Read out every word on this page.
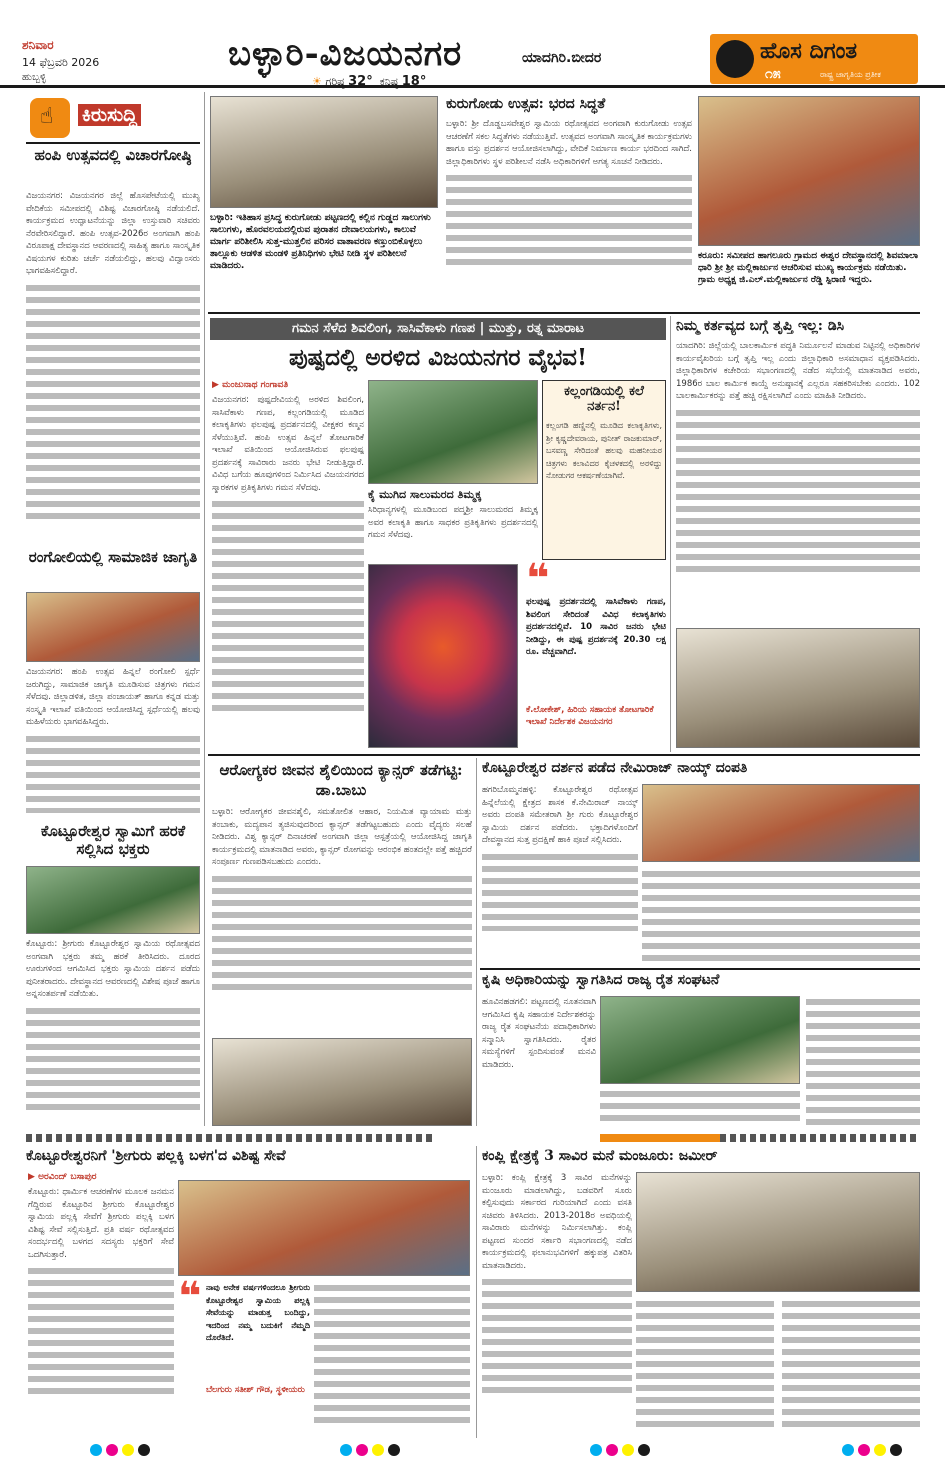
ಶನಿವಾರ
14 ಫೆಬ್ರವರಿ 2026
ಹುಬ್ಬಳ್ಳಿ
ಬಳ್ಳಾರಿ-ವಿಜಯನಗರ	ಯಾದಗಿರಿ.ಬೀದರ
☀ ಗರಿಷ್ಠ 32° ಕನಿಷ್ಠ 18°
ಹೊಸ ದಿಗಂತ
೧೫	ರಾಷ್ಟ್ರ ಜಾಗೃತಿಯ ಪ್ರತೀಕ
☝ ಕಿರುಸುದ್ದಿ
ಹಂಪಿ ಉತ್ಸವದಲ್ಲಿ ವಿಚಾರಗೋಷ್ಠಿ
ವಿಜಯನಗರ: ವಿಜಯನಗರ ಜಿಲ್ಲೆ ಹೊಸಪೇಟೆಯಲ್ಲಿ ಮುಖ್ಯ ವೇದಿಕೆಯ ಸಮೀಪದಲ್ಲಿ ವಿಶಿಷ್ಟ ವಿಚಾರಗೋಷ್ಠಿ ನಡೆಯಲಿದೆ. ಕಾರ್ಯಕ್ರಮದ ಉದ್ಘಾಟನೆಯನ್ನು ಜಿಲ್ಲಾ ಉಸ್ತುವಾರಿ ಸಚಿವರು ನೆರವೇರಿಸಲಿದ್ದಾರೆ. ಹಂಪಿ ಉತ್ಸವ-2026ರ ಅಂಗವಾಗಿ ಹಂಪಿ ವಿರೂಪಾಕ್ಷ ದೇವಸ್ಥಾನದ ಆವರಣದಲ್ಲಿ ಸಾಹಿತ್ಯ ಹಾಗೂ ಸಾಂಸ್ಕೃತಿಕ ವಿಷಯಗಳ ಕುರಿತು ಚರ್ಚೆ ನಡೆಯಲಿದ್ದು, ಹಲವು ವಿದ್ವಾಂಸರು ಭಾಗವಹಿಸಲಿದ್ದಾರೆ.
ರಂಗೋಲಿಯಲ್ಲಿ ಸಾಮಾಜಿಕ ಜಾಗೃತಿ
ವಿಜಯನಗರ: ಹಂಪಿ ಉತ್ಸವ ಹಿನ್ನಲೆ ರಂಗೋಲಿ ಸ್ಪರ್ಧೆ ಜರುಗಿದ್ದು, ಸಾಮಾಜಿಕ ಜಾಗೃತಿ ಮೂಡಿಸುವ ಚಿತ್ರಗಳು ಗಮನ ಸೆಳೆದವು. ಜಿಲ್ಲಾಡಳಿತ, ಜಿಲ್ಲಾ ಪಂಚಾಯತ್ ಹಾಗೂ ಕನ್ನಡ ಮತ್ತು ಸಂಸ್ಕೃತಿ ಇಲಾಖೆ ವತಿಯಿಂದ ಆಯೋಜಿಸಿದ್ದ ಸ್ಪರ್ಧೆಯಲ್ಲಿ ಹಲವು ಮಹಿಳೆಯರು ಭಾಗವಹಿಸಿದ್ದರು.
ಕೊಟ್ಟೂರೇಶ್ವರ ಸ್ವಾಮಿಗೆ ಹರಕೆ ಸಲ್ಲಿಸಿದ ಭಕ್ತರು
ಕೊಟ್ಟೂರು: ಶ್ರೀಗುರು ಕೊಟ್ಟೂರೇಶ್ವರ ಸ್ವಾಮಿಯ ರಥೋತ್ಸವದ ಅಂಗವಾಗಿ ಭಕ್ತರು ತಮ್ಮ ಹರಕೆ ತೀರಿಸಿದರು. ದೂರದ ಊರುಗಳಿಂದ ಆಗಮಿಸಿದ ಭಕ್ತರು ಸ್ವಾಮಿಯ ದರ್ಶನ ಪಡೆದು ಪುನೀತರಾದರು. ದೇವಸ್ಥಾನದ ಆವರಣದಲ್ಲಿ ವಿಶೇಷ ಪೂಜೆ ಹಾಗೂ ಅನ್ನಸಂತರ್ಪಣೆ ನಡೆಯಿತು.
ಬಳ್ಳಾರಿ: ಇತಿಹಾಸ ಪ್ರಸಿದ್ಧ ಕುರುಗೋಡು ಪಟ್ಟಣದಲ್ಲಿ ಕಲ್ಲಿನ ಗುಡ್ಡದ ಸಾಲುಗಳು ಸಾಲುಗಳು, ಹೊರವಲಯದಲ್ಲಿರುವ ಪುರಾತನ ದೇವಾಲಯಗಳು, ಕಾಲುವೆ ಮಾರ್ಗ ಪರಿಶೀಲಿಸಿ ಸುತ್ತ-ಮುತ್ತಲಿನ ಪರಿಸರ ವಾತಾವರಣ ಕಣ್ತುಂಬಿಕೊಳ್ಳಲು ತಾಲ್ಲೂಕು ಆಡಳಿತ ಮಂಡಳಿ ಪ್ರತಿನಿಧಿಗಳು ಭೇಟಿ ನೀಡಿ ಸ್ಥಳ ಪರಿಶೀಲನೆ ಮಾಡಿದರು.
ಕುರುಗೋಡು ಉತ್ಸವ: ಭರದ ಸಿದ್ಧತೆ
ಬಳ್ಳಾರಿ: ಶ್ರೀ ದೊಡ್ಡಬಸವೇಶ್ವರ ಸ್ವಾಮಿಯ ರಥೋತ್ಸವದ ಅಂಗವಾಗಿ ಕುರುಗೋಡು ಉತ್ಸವ ಆಚರಣೆಗೆ ಸಕಲ ಸಿದ್ಧತೆಗಳು ನಡೆಯುತ್ತಿವೆ. ಉತ್ಸವದ ಅಂಗವಾಗಿ ಸಾಂಸ್ಕೃತಿಕ ಕಾರ್ಯಕ್ರಮಗಳು ಹಾಗೂ ವಸ್ತು ಪ್ರದರ್ಶನ ಆಯೋಜಿಸಲಾಗಿದ್ದು, ವೇದಿಕೆ ನಿರ್ಮಾಣ ಕಾರ್ಯ ಭರದಿಂದ ಸಾಗಿದೆ. ಜಿಲ್ಲಾಧಿಕಾರಿಗಳು ಸ್ಥಳ ಪರಿಶೀಲನೆ ನಡೆಸಿ ಅಧಿಕಾರಿಗಳಿಗೆ ಅಗತ್ಯ ಸೂಚನೆ ನೀಡಿದರು.
ಕರೂರು: ಸಮೀಪದ ಹಾಗಲೂರು ಗ್ರಾಮದ ಈಶ್ವರ ದೇವಸ್ಥಾನದಲ್ಲಿ ಶಿವಮಾಲಾ ಧಾರಿ ಶ್ರೀ ಶ್ರೀ ಮಲ್ಲಿಕಾರ್ಜುನ ಆಚರಿಸುವ ಮುಖ್ಯ ಕಾರ್ಯಕ್ರಮ ನಡೆಯಿತು. ಗ್ರಾಮ ಅಧ್ಯಕ್ಷ ಜಿ.ಎಲ್.ಮಲ್ಲಿಕಾರ್ಜುನ ರೆಡ್ಡಿ ಸ್ಪಿರಾಣಿ ಇದ್ದರು.
ಗಮನ ಸೆಳೆದ ಶಿವಲಿಂಗ, ಸಾಸಿವೆಕಾಳು ಗಣಪ | ಮುತ್ತು, ರತ್ನ ಮಾರಾಟ
ಪುಷ್ಪದಲ್ಲಿ ಅರಳಿದ ವಿಜಯನಗರ ವೈಭವ!
▶ ಮಂಜುನಾಥ ಗಂಗಾವತಿ
ವಿಜಯನಗರ: ಪುಷ್ಪದೇವಿಯಲ್ಲಿ ಅರಳಿದ ಶಿವಲಿಂಗ, ಸಾಸಿವೆಕಾಳು ಗಣಪ, ಕಲ್ಲಂಗಡಿಯಲ್ಲಿ ಮೂಡಿದ ಕಲಾಕೃತಿಗಳು ಫಲಪುಷ್ಪ ಪ್ರದರ್ಶನದಲ್ಲಿ ವೀಕ್ಷಕರ ಕಣ್ಮನ ಸೆಳೆಯುತ್ತಿವೆ. ಹಂಪಿ ಉತ್ಸವ ಹಿನ್ನಲೆ ತೋಟಗಾರಿಕೆ ಇಲಾಖೆ ವತಿಯಿಂದ ಆಯೋಜಿಸಿರುವ ಫಲಪುಷ್ಪ ಪ್ರದರ್ಶನಕ್ಕೆ ಸಾವಿರಾರು ಜನರು ಭೇಟಿ ನೀಡುತ್ತಿದ್ದಾರೆ. ವಿವಿಧ ಬಗೆಯ ಹೂವುಗಳಿಂದ ನಿರ್ಮಿಸಿದ ವಿಜಯನಗರದ ಸ್ಮಾರಕಗಳ ಪ್ರತಿಕೃತಿಗಳು ಗಮನ ಸೆಳೆದವು.
ಕಲ್ಲಂಗಡಿಯಲ್ಲಿ ಕಲೆ ನರ್ತನ!
ಕಲ್ಲಂಗಡಿ ಹಣ್ಣಿನಲ್ಲಿ ಮೂಡಿದ ಕಲಾಕೃತಿಗಳು, ಶ್ರೀ ಕೃಷ್ಣದೇವರಾಯ, ಪುನೀತ್ ರಾಜಕುಮಾರ್, ಬಸವಣ್ಣ ಸೇರಿದಂತೆ ಹಲವು ಮಹನೀಯರ ಚಿತ್ರಗಳು ಕಲಾವಿದರ ಕೈಚಳಕದಲ್ಲಿ ಅರಳಿದ್ದು ನೋಡುಗರ ಆಕರ್ಷಣೆಯಾಗಿವೆ.
ಕೈ ಮುಗಿದ ಸಾಲುಮರದ ತಿಮ್ಮಕ್ಕ
ಸಿರಿಧಾನ್ಯಗಳಲ್ಲಿ ಮೂಡಿಬಂದ ಪದ್ಮಶ್ರೀ ಸಾಲುಮರದ ತಿಮ್ಮಕ್ಕ ಅವರ ಕಲಾಕೃತಿ ಹಾಗೂ ಸಾಧಕರ ಪ್ರತಿಕೃತಿಗಳು ಪ್ರದರ್ಶನದಲ್ಲಿ ಗಮನ ಸೆಳೆದವು.
❝
ಫಲಪುಷ್ಪ ಪ್ರದರ್ಶನದಲ್ಲಿ ಸಾಸಿವೆಕಾಳು ಗಣಪ, ಶಿವಲಿಂಗ ಸೇರಿದಂತೆ ವಿವಿಧ ಕಲಾಕೃತಿಗಳು ಪ್ರದರ್ಶನದಲ್ಲಿವೆ. 10 ಸಾವಿರ ಜನರು ಭೇಟಿ ನೀಡಿದ್ದು, ಈ ಪುಷ್ಪ ಪ್ರದರ್ಶನಕ್ಕೆ 20.30 ಲಕ್ಷ ರೂ. ವೆಚ್ಚವಾಗಿದೆ.
ಕೆ.ಲೋಕೇಶ್, ಹಿರಿಯ ಸಹಾಯಕ ತೋಟಗಾರಿಕೆ ಇಲಾಖೆ ನಿರ್ದೇಶಕ ವಿಜಯನಗರ
ನಿಮ್ಮ ಕರ್ತವ್ಯದ ಬಗ್ಗೆ ತೃಪ್ತಿ ಇಲ್ಲ: ಡಿಸಿ
ಯಾದಗಿರಿ: ಜಿಲ್ಲೆಯಲ್ಲಿ ಬಾಲಕಾರ್ಮಿಕ ಪದ್ಧತಿ ನಿರ್ಮೂಲನೆ ಮಾಡುವ ನಿಟ್ಟಿನಲ್ಲಿ ಅಧಿಕಾರಿಗಳ ಕಾರ್ಯವೈಖರಿಯ ಬಗ್ಗೆ ತೃಪ್ತಿ ಇಲ್ಲ ಎಂದು ಜಿಲ್ಲಾಧಿಕಾರಿ ಅಸಮಾಧಾನ ವ್ಯಕ್ತಪಡಿಸಿದರು. ಜಿಲ್ಲಾಧಿಕಾರಿಗಳ ಕಚೇರಿಯ ಸಭಾಂಗಣದಲ್ಲಿ ನಡೆದ ಸಭೆಯಲ್ಲಿ ಮಾತನಾಡಿದ ಅವರು, 1986ರ ಬಾಲ ಕಾರ್ಮಿಕ ಕಾಯ್ದೆ ಅನುಷ್ಠಾನಕ್ಕೆ ಎಲ್ಲರೂ ಸಹಕರಿಸಬೇಕು ಎಂದರು. 102 ಬಾಲಕಾರ್ಮಿಕರನ್ನು ಪತ್ತೆ ಹಚ್ಚಿ ರಕ್ಷಿಸಲಾಗಿದೆ ಎಂದು ಮಾಹಿತಿ ನೀಡಿದರು.
ಆರೋಗ್ಯಕರ ಜೀವನ ಶೈಲಿಯಿಂದ ಕ್ಯಾನ್ಸರ್ ತಡೆಗಟ್ಟಿ: ಡಾ.ಬಾಬು
ಬಳ್ಳಾರಿ: ಆರೋಗ್ಯಕರ ಜೀವನಶೈಲಿ, ಸಮತೋಲಿತ ಆಹಾರ, ನಿಯಮಿತ ವ್ಯಾಯಾಮ ಮತ್ತು ತಂಬಾಕು, ಮದ್ಯಪಾನ ತ್ಯಜಿಸುವುದರಿಂದ ಕ್ಯಾನ್ಸರ್ ತಡೆಗಟ್ಟಬಹುದು ಎಂದು ವೈದ್ಯರು ಸಲಹೆ ನೀಡಿದರು. ವಿಶ್ವ ಕ್ಯಾನ್ಸರ್ ದಿನಾಚರಣೆ ಅಂಗವಾಗಿ ಜಿಲ್ಲಾ ಆಸ್ಪತ್ರೆಯಲ್ಲಿ ಆಯೋಜಿಸಿದ್ದ ಜಾಗೃತಿ ಕಾರ್ಯಕ್ರಮದಲ್ಲಿ ಮಾತನಾಡಿದ ಅವರು, ಕ್ಯಾನ್ಸರ್ ರೋಗವನ್ನು ಆರಂಭಿಕ ಹಂತದಲ್ಲೇ ಪತ್ತೆ ಹಚ್ಚಿದರೆ ಸಂಪೂರ್ಣ ಗುಣಪಡಿಸಬಹುದು ಎಂದರು.
ಕೊಟ್ಟೂರೇಶ್ವರ ದರ್ಶನ ಪಡೆದ ನೇಮಿರಾಜ್ ನಾಯ್ಕ್ ದಂಪತಿ
ಹಗರಿಬೊಮ್ಮನಹಳ್ಳಿ: ಕೊಟ್ಟೂರೇಶ್ವರ ರಥೋತ್ಸವ ಹಿನ್ನೆಲೆಯಲ್ಲಿ ಕ್ಷೇತ್ರದ ಶಾಸಕ ಕೆ.ನೇಮಿರಾಜ್ ನಾಯ್ಕ್ ಅವರು ದಂಪತಿ ಸಮೇತರಾಗಿ ಶ್ರೀ ಗುರು ಕೊಟ್ಟೂರೇಶ್ವರ ಸ್ವಾಮಿಯ ದರ್ಶನ ಪಡೆದರು. ಭಕ್ತಾದಿಗಳೊಂದಿಗೆ ದೇವಸ್ಥಾನದ ಸುತ್ತ ಪ್ರದಕ್ಷಿಣೆ ಹಾಕಿ ಪೂಜೆ ಸಲ್ಲಿಸಿದರು.
ಕೃಷಿ ಅಧಿಕಾರಿಯನ್ನು ಸ್ವಾಗತಿಸಿದ ರಾಜ್ಯ ರೈತ ಸಂಘಟನೆ
ಹೂವಿನಹಡಗಲಿ: ಪಟ್ಟಣದಲ್ಲಿ ನೂತನವಾಗಿ ಆಗಮಿಸಿದ ಕೃಷಿ ಸಹಾಯಕ ನಿರ್ದೇಶಕರನ್ನು ರಾಜ್ಯ ರೈತ ಸಂಘಟನೆಯ ಪದಾಧಿಕಾರಿಗಳು ಸನ್ಮಾನಿಸಿ ಸ್ವಾಗತಿಸಿದರು. ರೈತರ ಸಮಸ್ಯೆಗಳಿಗೆ ಸ್ಪಂದಿಸುವಂತೆ ಮನವಿ ಮಾಡಿದರು.
ಕೊಟ್ಟೂರೇಶ್ವರನಿಗೆ 'ಶ್ರೀಗುರು ಪಲ್ಲಕ್ಕಿ ಬಳಗ'ದ ವಿಶಿಷ್ಟ ಸೇವೆ
▶ ಅರವಿಂದ್ ಬಸಾಪುರ
ಕೊಟ್ಟೂರು: ಧಾರ್ಮಿಕ ಆಚರಣೆಗಳ ಮೂಲಕ ಜನಮನ ಗೆದ್ದಿರುವ ಕೊಟ್ಟೂರಿನ ಶ್ರೀಗುರು ಕೊಟ್ಟೂರೇಶ್ವರ ಸ್ವಾಮಿಯ ಪಲ್ಲಕ್ಕಿ ಸೇವೆಗೆ ಶ್ರೀಗುರು ಪಲ್ಲಕ್ಕಿ ಬಳಗ ವಿಶಿಷ್ಟ ಸೇವೆ ಸಲ್ಲಿಸುತ್ತಿದೆ. ಪ್ರತಿ ವರ್ಷ ರಥೋತ್ಸವದ ಸಂದರ್ಭದಲ್ಲಿ ಬಳಗದ ಸದಸ್ಯರು ಭಕ್ತರಿಗೆ ಸೇವೆ ಒದಗಿಸುತ್ತಾರೆ.
❝ ನಾವು ಅನೇಕ ವರ್ಷಗಳಿಂದಲೂ ಶ್ರೀಗುರು ಕೊಟ್ಟೂರೇಶ್ವರ ಸ್ವಾಮಿಯ ಪಲ್ಲಕ್ಕಿ ಸೇವೆಯನ್ನು ಮಾಡುತ್ತ ಬಂದಿದ್ದು, ಇದರಿಂದ ನಮ್ಮ ಬದುಕಿಗೆ ನೆಮ್ಮದಿ ದೊರೆತಿದೆ.
ಬೆಲಗುರು ಸತೀಶ್ ಗೌಡ, ಸ್ಥಳೀಯರು
ಕಂಪ್ಲಿ ಕ್ಷೇತ್ರಕ್ಕೆ 3 ಸಾವಿರ ಮನೆ ಮಂಜೂರು: ಜಮೀರ್
ಬಳ್ಳಾರಿ: ಕಂಪ್ಲಿ ಕ್ಷೇತ್ರಕ್ಕೆ 3 ಸಾವಿರ ಮನೆಗಳನ್ನು ಮಂಜೂರು ಮಾಡಲಾಗಿದ್ದು, ಬಡವರಿಗೆ ಸೂರು ಕಲ್ಪಿಸುವುದು ಸರ್ಕಾರದ ಗುರಿಯಾಗಿದೆ ಎಂದು ವಸತಿ ಸಚಿವರು ತಿಳಿಸಿದರು. 2013-2018ರ ಅವಧಿಯಲ್ಲಿ ಸಾವಿರಾರು ಮನೆಗಳನ್ನು ನಿರ್ಮಿಸಲಾಗಿತ್ತು. ಕಂಪ್ಲಿ ಪಟ್ಟಣದ ಸುಂದರ ಸರ್ಕಾರಿ ಸಭಾಂಗಣದಲ್ಲಿ ನಡೆದ ಕಾರ್ಯಕ್ರಮದಲ್ಲಿ ಫಲಾನುಭವಿಗಳಿಗೆ ಹಕ್ಕುಪತ್ರ ವಿತರಿಸಿ ಮಾತನಾಡಿದರು.
